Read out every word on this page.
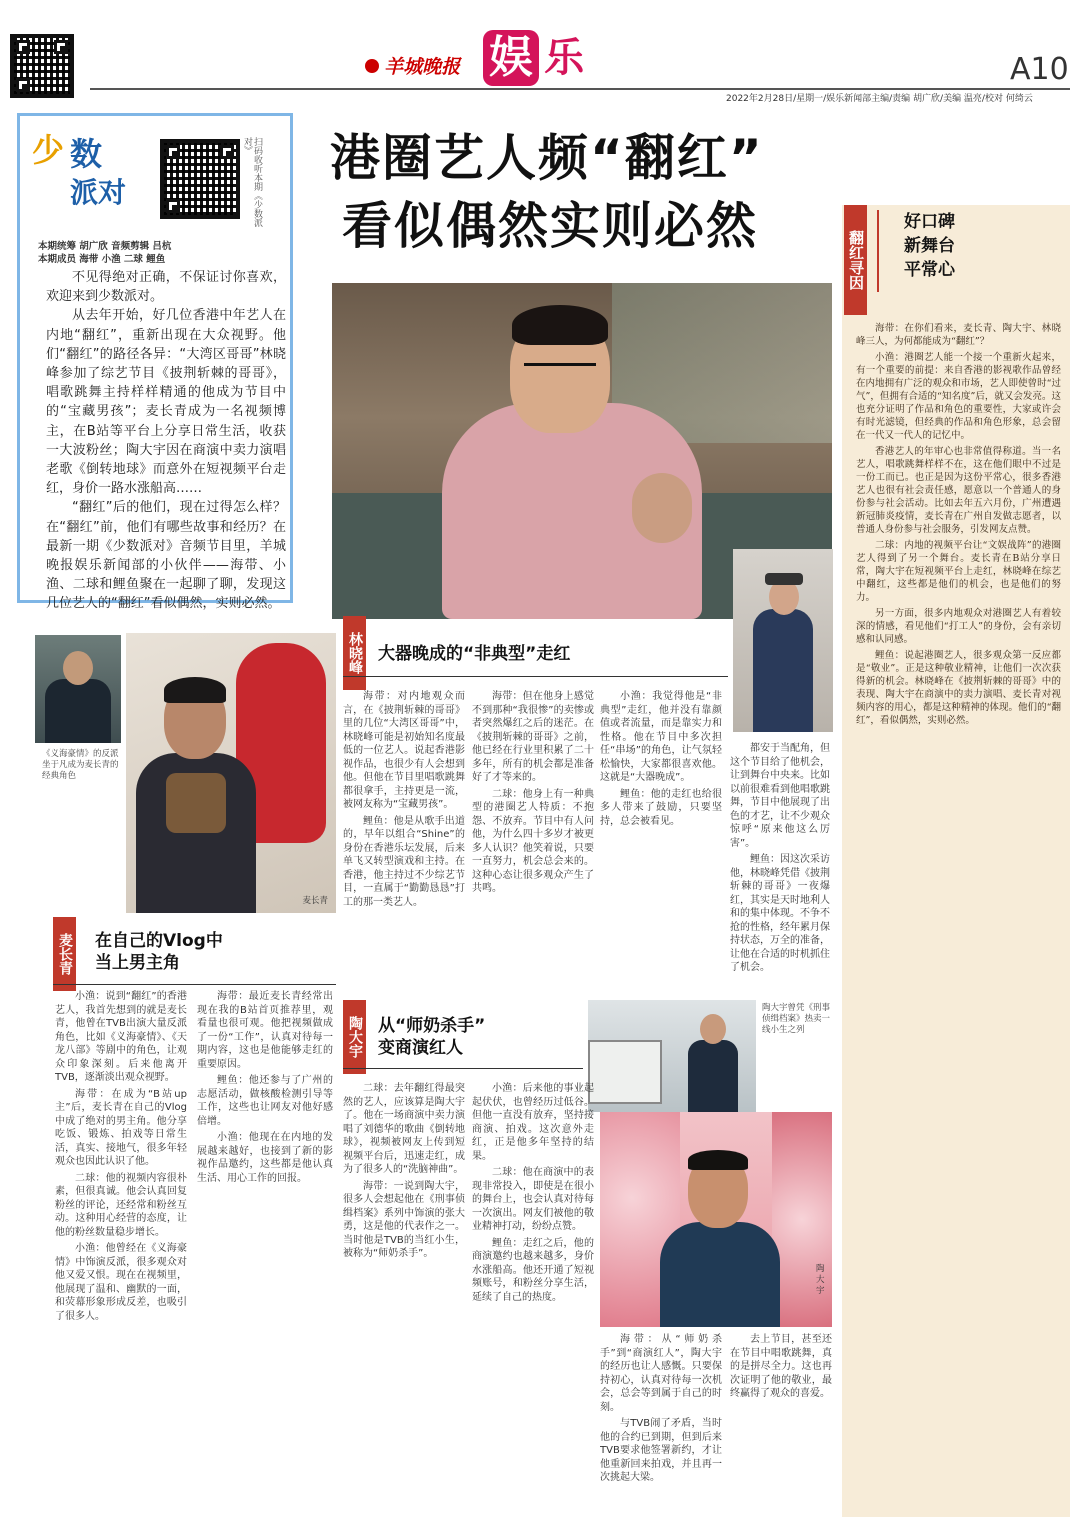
羊城晚报 娱 乐	A10
2022年2月28日/星期一/娱乐新闻部主编/责编 胡广欣/美编 温亮/校对 何绮云
少 数
派对	扫码收听本期《少数派对》
本期统筹 胡广欣 音频剪辑 吕杭
本期成员 海带 小渔 二球 鲤鱼

不见得绝对正确，不保证讨你喜欢，欢迎来到少数派对。

从去年开始，好几位香港中年艺人在内地“翻红”，重新出现在大众视野。他们“翻红”的路径各异：“大湾区哥哥”林晓峰参加了综艺节目《披荆斩棘的哥哥》，唱歌跳舞主持样样精通的他成为节目中的“宝藏男孩”；麦长青成为一名视频博主，在B站等平台上分享日常生活，收获一大波粉丝；陶大宇因在商演中卖力演唱老歌《倒转地球》而意外在短视频平台走红，身价一路水涨船高……

“翻红”后的他们，现在过得怎么样？在“翻红”前，他们有哪些故事和经历？在最新一期《少数派对》音频节目里，羊城晚报娱乐新闻部的小伙伴——海带、小渔、二球和鲤鱼聚在一起聊了聊，发现这几位艺人的“翻红”看似偶然，实则必然。

港圈艺人频“翻红”
看似偶然实则必然
翻红寻因
好口碑
新舞台
平常心

海带：在你们看来，麦长青、陶大宇、林晓峰三人，为何都能成为“翻红”？

小渔：港圈艺人能一个接一个重新火起来，有一个重要的前提：来自香港的影视歌作品曾经在内地拥有广泛的观众和市场，艺人即使曾时“过气”，但拥有合适的“知名度”后，就又会发亮。这也充分证明了作品和角色的重要性，大家或许会有时光滤镜，但经典的作品和角色形象，总会留在一代又一代人的记忆中。

香港艺人的年审心也非常值得称道。当一名艺人，唱歌跳舞样样不在，这在他们眼中不过是一份工而已。也正是因为这份平常心，很多香港艺人也很有社会责任感，愿意以一个普通人的身份参与社会活动。比如去年五六月份，广州遭遇新冠肺炎疫情，麦长青在广州自发做志愿者，以普通人身份参与社会服务，引发网友点赞。

二球：内地的视频平台让“文娱战阵”的港圈艺人得到了另一个舞台。麦长青在B站分享日常，陶大宇在短视频平台上走红，林晓峰在综艺中翻红，这些都是他们的机会，也是他们的努力。

另一方面，很多内地观众对港圈艺人有着较深的情感，看见他们“打工人”的身份，会有亲切感和认同感。

鲤鱼：说起港圈艺人，很多观众第一反应都是“敬业”。正是这种敬业精神，让他们一次次获得新的机会。林晓峰在《披荆斩棘的哥哥》中的表现、陶大宇在商演中的卖力演唱、麦长青对视频内容的用心，都是这种精神的体现。他们的“翻红”，看似偶然，实则必然。

林晓峰 大器晚成的“非典型”走红

海带：对内地观众而言，在《披荆斩棘的哥哥》里的几位“大湾区哥哥”中，林晓峰可能是初始知名度最低的一位艺人。说起香港影视作品，也很少有人会想到他。但他在节目里唱歌跳舞都很拿手，主持更是一流，被网友称为“宝藏男孩”。

鲤鱼：他是从歌手出道的，早年以组合“Shine”的身份在香港乐坛发展，后来单飞又转型演戏和主持。在香港，他主持过不少综艺节目，一直属于“勤勤恳恳”打工的那一类艺人。

海带：但在他身上感觉不到那种“我很惨”的卖惨或者突然爆红之后的迷茫。在《披荆斩棘的哥哥》之前，他已经在行业里积累了二十多年，所有的机会都是准备好了才等来的。

二球：他身上有一种典型的港圈艺人特质：不抱怨、不放弃。节目中有人问他，为什么四十多岁才被更多人认识？他笑着说，只要一直努力，机会总会来的。这种心态让很多观众产生了共鸣。

小渔：我觉得他是“非典型”走红，他并没有靠颜值或者流量，而是靠实力和性格。他在节目中多次担任“串场”的角色，让气氛轻松愉快，大家都很喜欢他。这就是“大器晚成”。

鲤鱼：他的走红也给很多人带来了鼓励，只要坚持，总会被看见。

都安于当配角，但这个节目给了他机会，让到舞台中央来。比如以前很难看到他唱歌跳舞，节目中他展现了出色的才艺，让不少观众惊呼“原来他这么厉害”。

鲤鱼：因这次采访他，林晓峰凭借《披荆斩棘的哥哥》一夜爆红，其实是天时地利人和的集中体现。不争不抢的性格，经年累月保持状态，万全的准备，让他在合适的时机抓住了机会。

《义海豪情》的反派坐于凡成为麦长青的经典角色
麦长青
麦长青 在自己的Vlog中
当上男主角

小渔：说到“翻红”的香港艺人，我首先想到的就是麦长青，他曾在TVB出演大量反派角色，比如《义海豪情》、《天龙八部》等剧中的角色，让观众印象深刻。后来他离开TVB，逐渐淡出观众视野。

海带：在成为“B站up主”后，麦长青在自己的Vlog中成了绝对的男主角。他分享吃饭、锻炼、拍戏等日常生活，真实、接地气，很多年轻观众也因此认识了他。

二球：他的视频内容很朴素，但很真诚。他会认真回复粉丝的评论，还经常和粉丝互动。这种用心经营的态度，让他的粉丝数量稳步增长。

小渔：他曾经在《义海豪情》中饰演反派，很多观众对他又爱又恨。现在在视频里，他展现了温和、幽默的一面，和荧幕形象形成反差，也吸引了很多人。

海带：最近麦长青经常出现在我的B站首页推荐里，观看量也很可观。他把视频做成了一份“工作”，认真对待每一期内容，这也是他能够走红的重要原因。

鲤鱼：他还参与了广州的志愿活动，做核酸检测引导等工作，这些也让网友对他好感倍增。

小渔：他现在在内地的发展越来越好，也接到了新的影视作品邀约，这些都是他认真生活、用心工作的回报。

陶大宇 从“师奶杀手”
变商演红人
陶大宇曾凭《刑事侦缉档案》热卖一线小生之列
陶大宇

二球：去年翻红得最突然的艺人，应该算是陶大宇了。他在一场商演中卖力演唱了刘德华的歌曲《倒转地球》，视频被网友上传到短视频平台后，迅速走红，成为了很多人的“洗脑神曲”。

海带：一说到陶大宇，很多人会想起他在《刑事侦缉档案》系列中饰演的张大勇，这是他的代表作之一。当时他是TVB的当红小生，被称为“师奶杀手”。

小渔：后来他的事业起起伏伏，也曾经历过低谷。但他一直没有放弃，坚持接商演、拍戏。这次意外走红，正是他多年坚持的结果。

二球：他在商演中的表现非常投入，即使是在很小的舞台上，也会认真对待每一次演出。网友们被他的敬业精神打动，纷纷点赞。

鲤鱼：走红之后，他的商演邀约也越来越多，身价水涨船高。他还开通了短视频账号，和粉丝分享生活，延续了自己的热度。

海带：从“师奶杀手”到“商演红人”，陶大宇的经历也让人感慨。只要保持初心，认真对待每一次机会，总会等到属于自己的时刻。

与TVB闹了矛盾，当时他的合约已到期，但到后来TVB要求他签署新约，才让他重新回来拍戏，并且再一次挑起大梁。

去上节目，甚至还在节目中唱歌跳舞，真的是拼尽全力。这也再次证明了他的敬业，最终赢得了观众的喜爱。
